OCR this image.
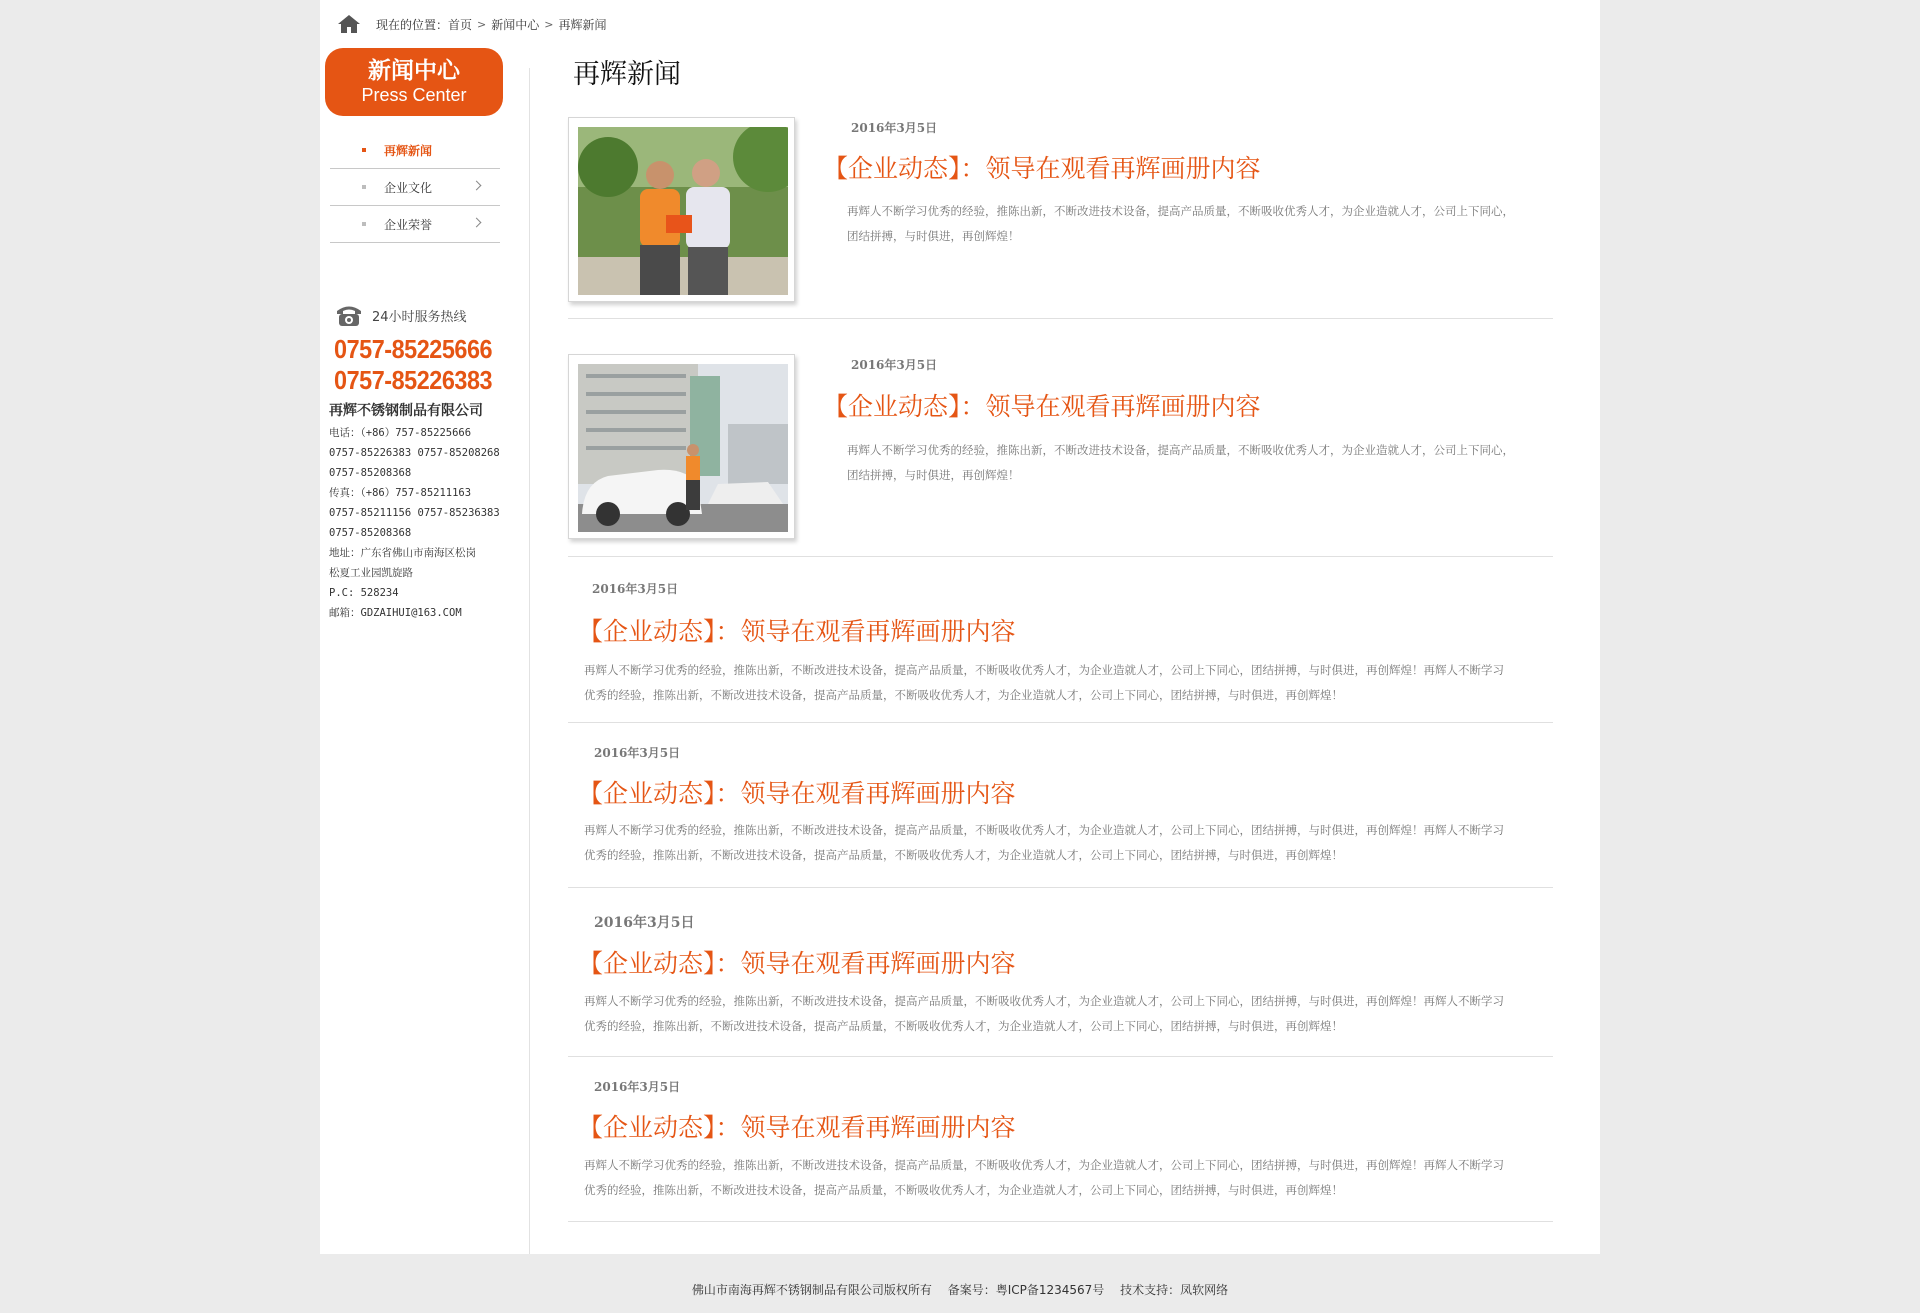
现在的位置： 首页 > 新闻中心 > 再辉新闻
新闻中心
Press Center
再辉新闻
企业文化
企业荣誉
24小时服务热线
0757-85225666
0757-85226383
再辉不锈钢制品有限公司
电话：（+86）757-85225666
0757-85226383 0757-85208268
0757-85208368
传真：（+86）757-85211163
0757-85211156 0757-85236383
0757-85208368
地址：广东省佛山市南海区松岗
松夏工业园凯旋路
P.C: 528234
邮箱：GDZAIHUI@163.COM
再辉新闻
2016年3月5日
【企业动态】：领导在观看再辉画册内容
再辉人不断学习优秀的经验，推陈出新，不断改进技术设备，提高产品质量，不断吸收优秀人才，为企业造就人才，公司上下同心，
团结拼搏，与时俱进，再创辉煌！
2016年3月5日
【企业动态】：领导在观看再辉画册内容
再辉人不断学习优秀的经验，推陈出新，不断改进技术设备，提高产品质量，不断吸收优秀人才，为企业造就人才，公司上下同心，
团结拼搏，与时俱进，再创辉煌！
2016年3月5日
【企业动态】：领导在观看再辉画册内容
再辉人不断学习优秀的经验，推陈出新，不断改进技术设备，提高产品质量，不断吸收优秀人才，为企业造就人才，公司上下同心，团结拼搏，与时俱进，再创辉煌！再辉人不断学习
优秀的经验，推陈出新，不断改进技术设备，提高产品质量，不断吸收优秀人才，为企业造就人才，公司上下同心，团结拼搏，与时俱进，再创辉煌！
2016年3月5日
【企业动态】：领导在观看再辉画册内容
再辉人不断学习优秀的经验，推陈出新，不断改进技术设备，提高产品质量，不断吸收优秀人才，为企业造就人才，公司上下同心，团结拼搏，与时俱进，再创辉煌！再辉人不断学习
优秀的经验，推陈出新，不断改进技术设备，提高产品质量，不断吸收优秀人才，为企业造就人才，公司上下同心，团结拼搏，与时俱进，再创辉煌！
2016年3月5日
【企业动态】：领导在观看再辉画册内容
再辉人不断学习优秀的经验，推陈出新，不断改进技术设备，提高产品质量，不断吸收优秀人才，为企业造就人才，公司上下同心，团结拼搏，与时俱进，再创辉煌！再辉人不断学习
优秀的经验，推陈出新，不断改进技术设备，提高产品质量，不断吸收优秀人才，为企业造就人才，公司上下同心，团结拼搏，与时俱进，再创辉煌！
2016年3月5日
【企业动态】：领导在观看再辉画册内容
再辉人不断学习优秀的经验，推陈出新，不断改进技术设备，提高产品质量，不断吸收优秀人才，为企业造就人才，公司上下同心，团结拼搏，与时俱进，再创辉煌！再辉人不断学习
优秀的经验，推陈出新，不断改进技术设备，提高产品质量，不断吸收优秀人才，为企业造就人才，公司上下同心，团结拼搏，与时俱进，再创辉煌！
佛山市南海再辉不锈钢制品有限公司版权所有 备案号：粤ICP备1234567号 技术支持：凤软网络
